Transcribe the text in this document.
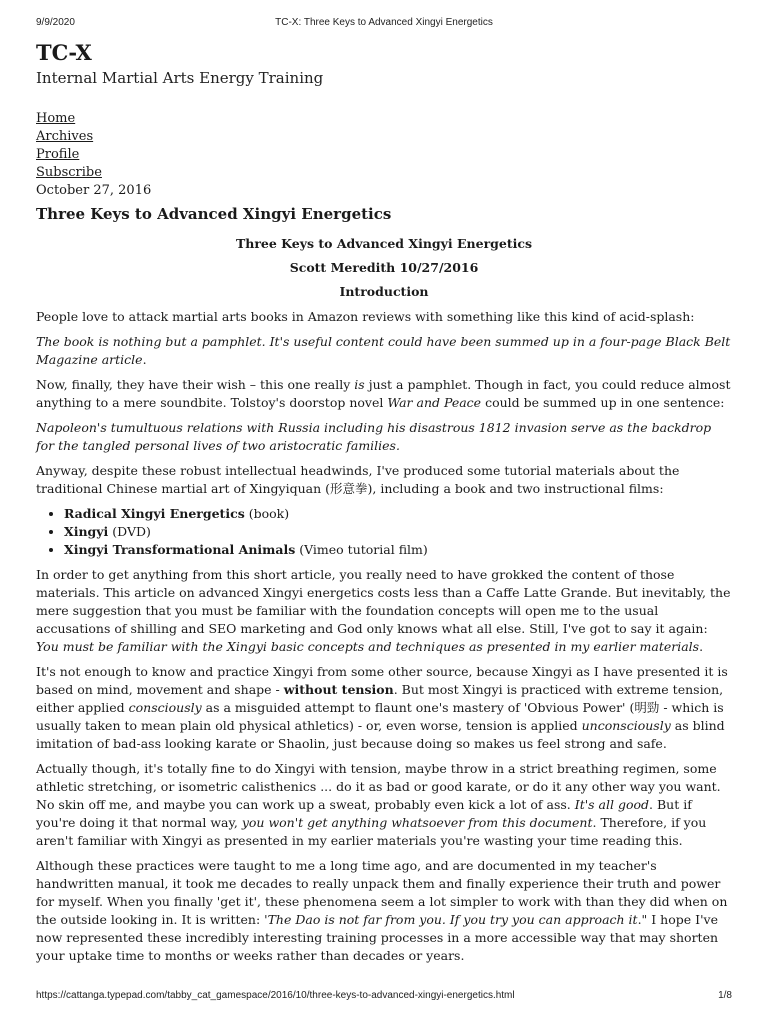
9/9/2020	TC-X: Three Keys to Advanced Xingyi Energetics
TC-X
Internal Martial Arts Energy Training
Home
Archives
Profile
Subscribe
October 27, 2016
Three Keys to Advanced Xingyi Energetics
Three Keys to Advanced Xingyi Energetics
Scott Meredith 10/27/2016
Introduction

People love to attack martial arts books in Amazon reviews with something like this kind of acid-splash:

The book is nothing but a pamphlet. It's useful content could have been summed up in a four-page Black Belt Magazine article.

Now, finally, they have their wish – this one really is just a pamphlet. Though in fact, you could reduce almost anything to a mere soundbite. Tolstoy's doorstop novel War and Peace could be summed up in one sentence:

Napoleon's tumultuous relations with Russia including his disastrous 1812 invasion serve as the backdrop for the tangled personal lives of two aristocratic families.

Anyway, despite these robust intellectual headwinds, I've produced some tutorial materials about the traditional Chinese martial art of Xingyiquan (形意拳), including a book and two instructional films:

• Radical Xingyi Energetics (book)
• Xingyi (DVD)
• Xingyi Transformational Animals (Vimeo tutorial film)

In order to get anything from this short article, you really need to have grokked the content of those materials. This article on advanced Xingyi energetics costs less than a Caffe Latte Grande. But inevitably, the mere suggestion that you must be familiar with the foundation concepts will open me to the usual accusations of shilling and SEO marketing and God only knows what all else. Still, I've got to say it again: You must be familiar with the Xingyi basic concepts and techniques as presented in my earlier materials.

It's not enough to know and practice Xingyi from some other source, because Xingyi as I have presented it is based on mind, movement and shape - without tension. But most Xingyi is practiced with extreme tension, either applied consciously as a misguided attempt to flaunt one's mastery of 'Obvious Power' (明勁 - which is usually taken to mean plain old physical athletics) - or, even worse, tension is applied unconsciously as blind imitation of bad-ass looking karate or Shaolin, just because doing so makes us feel strong and safe.

Actually though, it's totally fine to do Xingyi with tension, maybe throw in a strict breathing regimen, some athletic stretching, or isometric calisthenics ... do it as bad or good karate, or do it any other way you want. No skin off me, and maybe you can work up a sweat, probably even kick a lot of ass. It's all good. But if you're doing it that normal way, you won't get anything whatsoever from this document. Therefore, if you aren't familiar with Xingyi as presented in my earlier materials you're wasting your time reading this.

Although these practices were taught to me a long time ago, and are documented in my teacher's handwritten manual, it took me decades to really unpack them and finally experience their truth and power for myself. When you finally 'get it', these phenomena seem a lot simpler to work with than they did when on the outside looking in. It is written: 'The Dao is not far from you. If you try you can approach it." I hope I've now represented these incredibly interesting training processes in a more accessible way that may shorten your uptake time to months or weeks rather than decades or years.

https://cattanga.typepad.com/tabby_cat_gamespace/2016/10/three-keys-to-advanced-xingyi-energetics.html	1/8
